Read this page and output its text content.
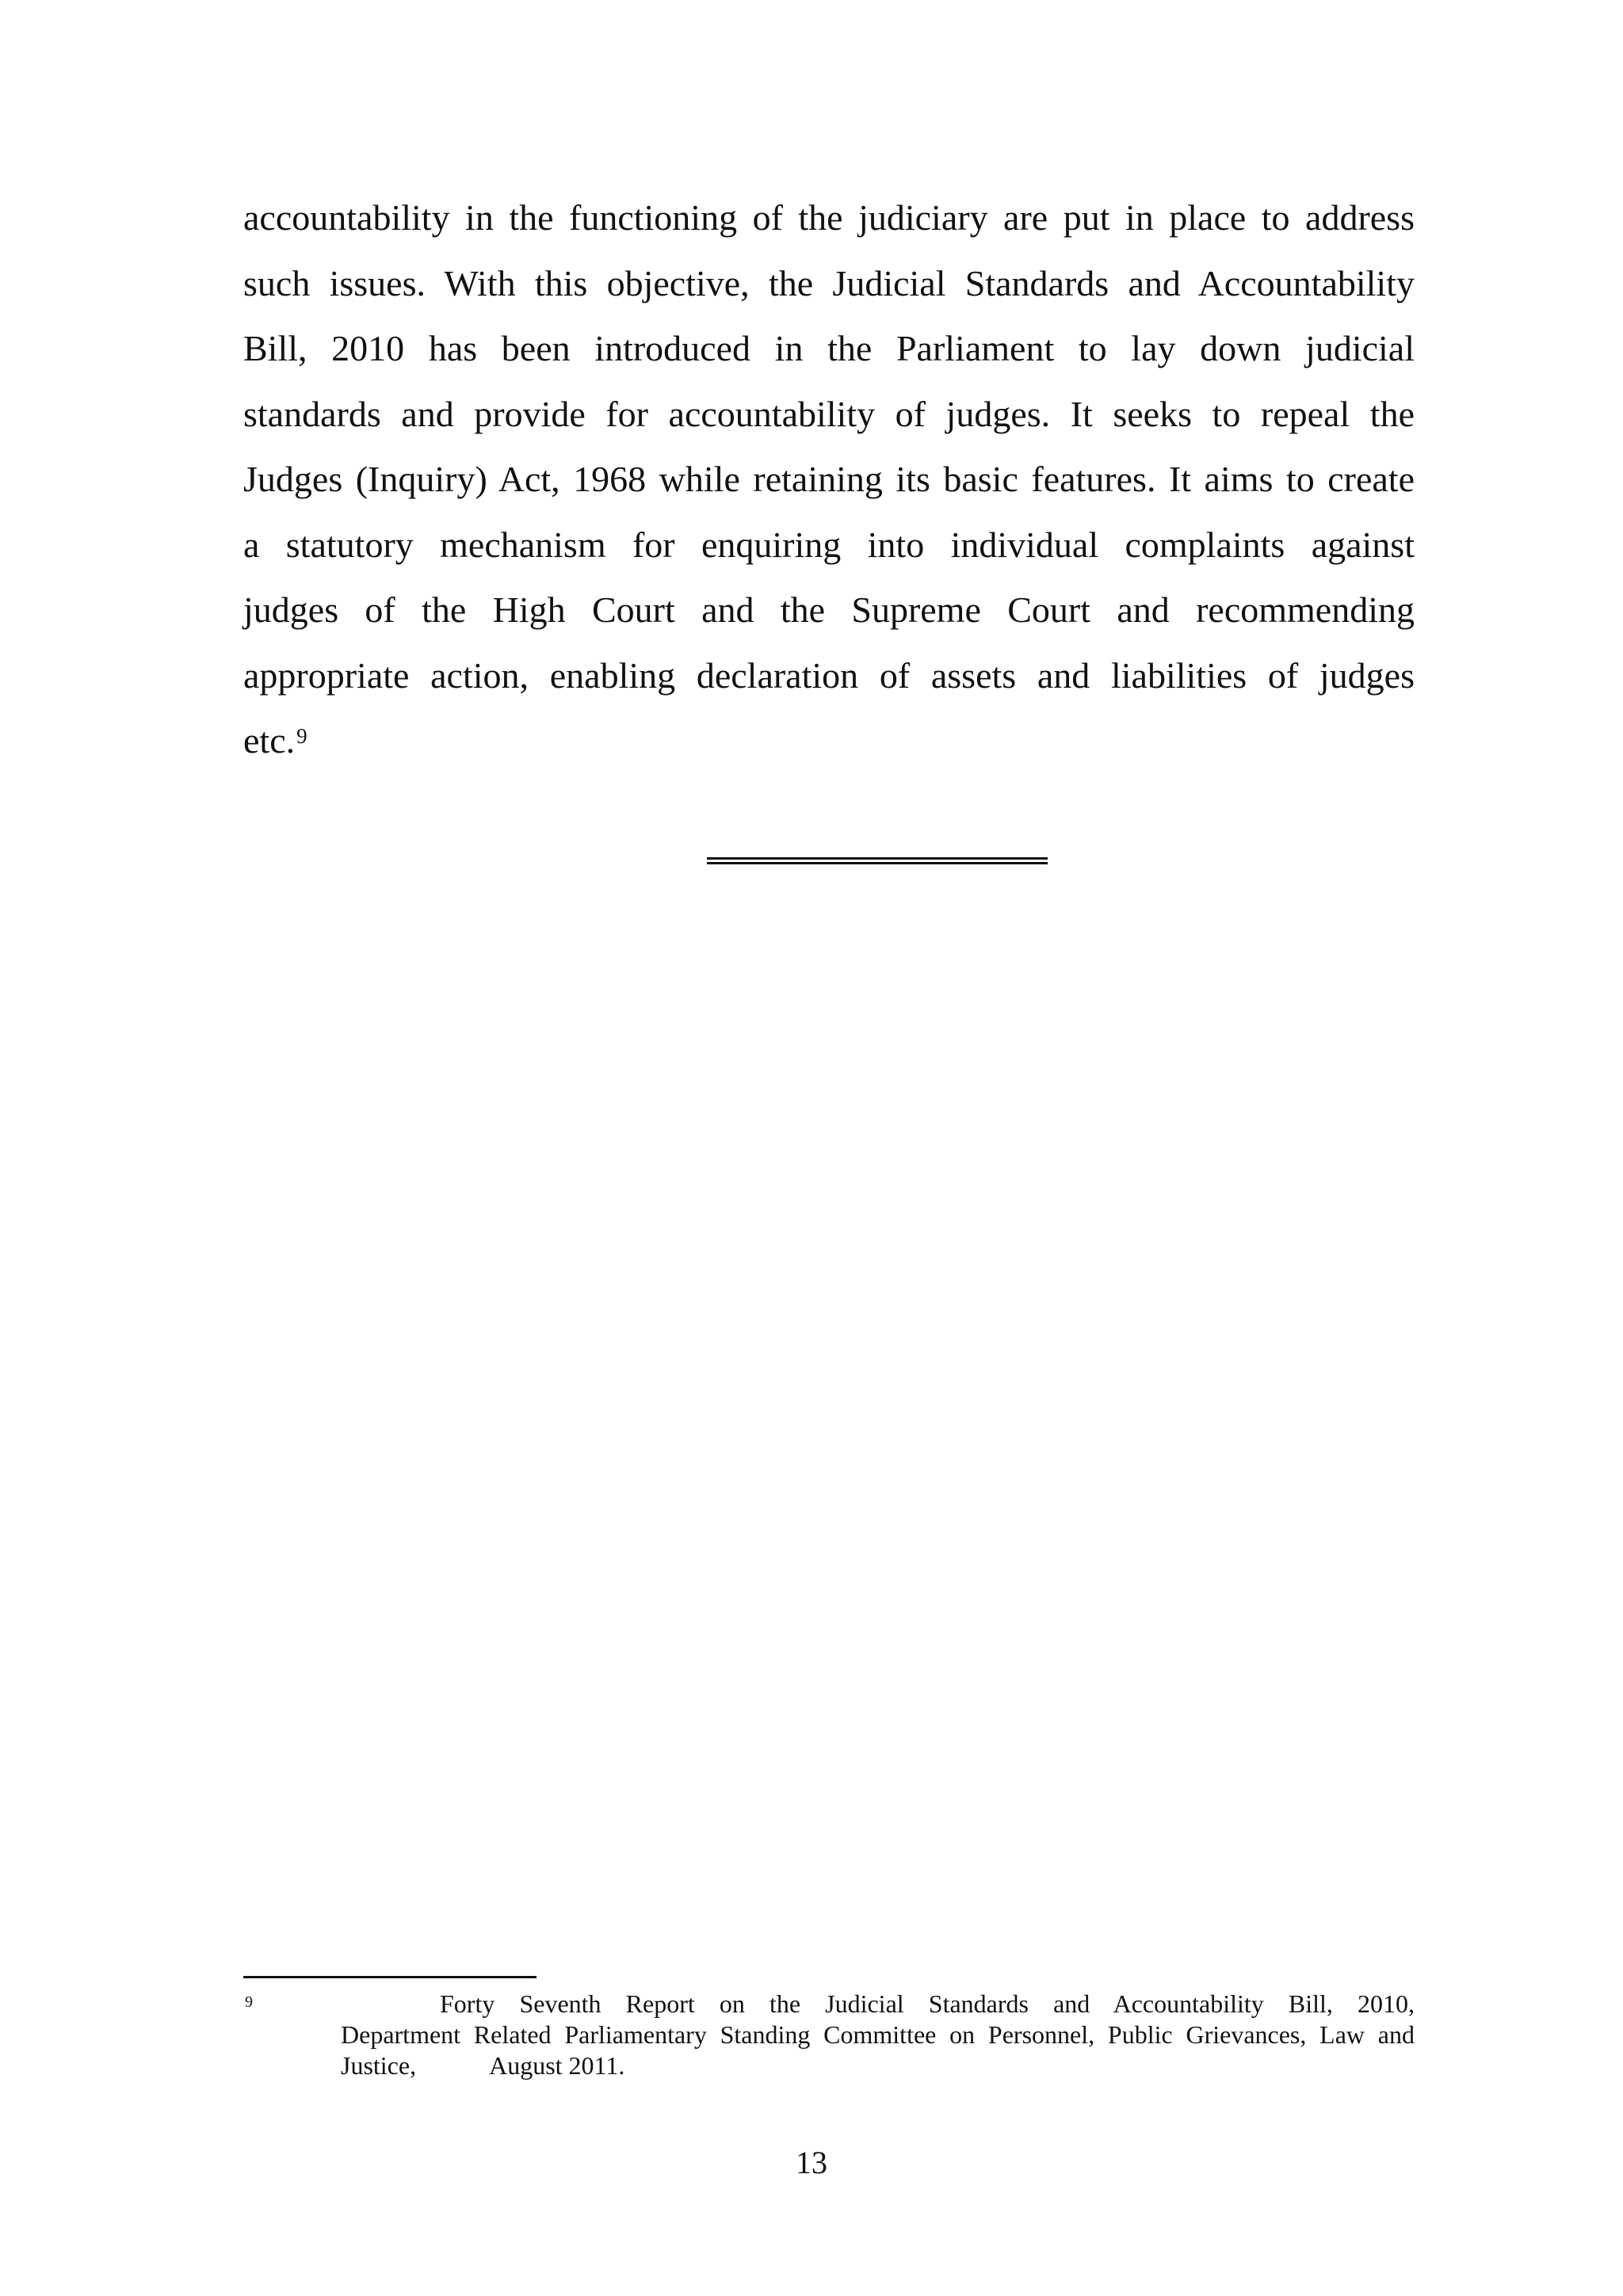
accountability in the functioning of the judiciary are put in place to address
such issues. With this objective, the Judicial Standards and Accountability
Bill, 2010 has been introduced in the Parliament to lay down judicial
standards and provide for accountability of judges. It seeks to repeal the
Judges (Inquiry) Act, 1968 while retaining its basic features. It aims to create
a statutory mechanism for enquiring into individual complaints against
judges of the High Court and the Supreme Court and recommending
appropriate action, enabling declaration of assets and liabilities of judges
etc.$^9$
9	Forty Seventh Report on the Judicial Standards and Accountability Bill, 2010,
Department Related Parliamentary Standing Committee on Personnel, Public Grievances, Law and
Justice,	August 2011.
13
